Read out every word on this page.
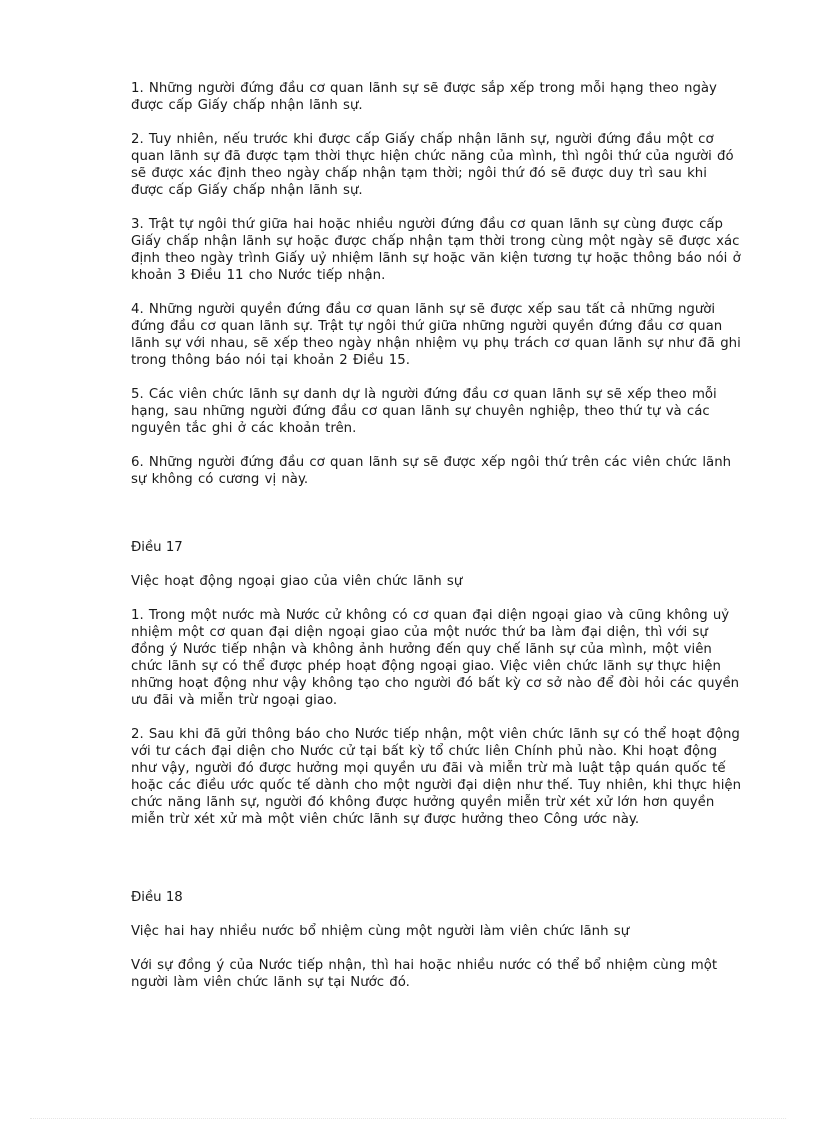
1. Những người đứng đầu cơ quan lãnh sự sẽ được sắp xếp trong mỗi hạng theo ngày được cấp Giấy chấp nhận lãnh sự.

2. Tuy nhiên, nếu trước khi được cấp Giấy chấp nhận lãnh sự, người đứng đầu một cơ quan lãnh sự đã được tạm thời thực hiện chức năng của mình, thì ngôi thứ của người đó sẽ được xác định theo ngày chấp nhận tạm thời; ngôi thứ đó sẽ được duy trì sau khi được cấp Giấy chấp nhận lãnh sự.

3. Trật tự ngôi thứ giữa hai hoặc nhiều người đứng đầu cơ quan lãnh sự cùng được cấp Giấy chấp nhận lãnh sự hoặc được chấp nhận tạm thời trong cùng một ngày sẽ được xác định theo ngày trình Giấy uỷ nhiệm lãnh sự hoặc văn kiện tương tự hoặc thông báo nói ở khoản 3 Điều 11 cho Nước tiếp nhận.

4. Những người quyền đứng đầu cơ quan lãnh sự sẽ được xếp sau tất cả những người đứng đầu cơ quan lãnh sự. Trật tự ngôi thứ giữa những người quyền đứng đầu cơ quan lãnh sự với nhau, sẽ xếp theo ngày nhận nhiệm vụ phụ trách cơ quan lãnh sự như đã ghi trong thông báo nói tại khoản 2 Điều 15.

5. Các viên chức lãnh sự danh dự là người đứng đầu cơ quan lãnh sự sẽ xếp theo mỗi hạng, sau những người đứng đầu cơ quan lãnh sự chuyên nghiệp, theo thứ tự và các nguyên tắc ghi ở các khoản trên.

6. Những người đứng đầu cơ quan lãnh sự sẽ được xếp ngôi thứ trên các viên chức lãnh sự không có cương vị này.

Điều 17

Việc hoạt động ngoại giao của viên chức lãnh sự

1. Trong một nước mà Nước cử không có cơ quan đại diện ngoại giao và cũng không uỷ nhiệm một cơ quan đại diện ngoại giao của một nước thứ ba làm đại diện, thì với sự đồng ý Nước tiếp nhận và không ảnh hưởng đến quy chế lãnh sự của mình, một viên chức lãnh sự có thể được phép hoạt động ngoại giao. Việc viên chức lãnh sự thực hiện những hoạt động như vậy không tạo cho người đó bất kỳ cơ sở nào để đòi hỏi các quyền ưu đãi và miễn trừ ngoại giao.

2. Sau khi đã gửi thông báo cho Nước tiếp nhận, một viên chức lãnh sự có thể hoạt động với tư cách đại diện cho Nước cử tại bất kỳ tổ chức liên Chính phủ nào. Khi hoạt động như vậy, người đó được hưởng mọi quyền ưu đãi và miễn trừ mà luật tập quán quốc tế hoặc các điều ước quốc tế dành cho một người đại diện như thế. Tuy nhiên, khi thực hiện chức năng lãnh sự, người đó không được hưởng quyền miễn trừ xét xử lớn hơn quyền miễn trừ xét xử mà một viên chức lãnh sự được hưởng theo Công ước này.

Điều 18

Việc hai hay nhiều nước bổ nhiệm cùng một người làm viên chức lãnh sự

Với sự đồng ý của Nước tiếp nhận, thì hai hoặc nhiều nước có thể bổ nhiệm cùng một người làm viên chức lãnh sự tại Nước đó.
